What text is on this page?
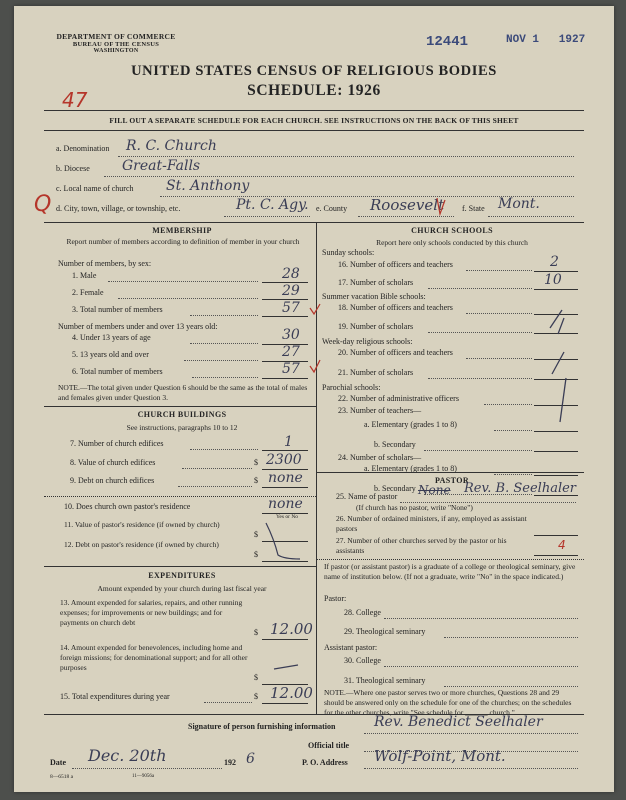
DEPARTMENT OF COMMERCE
BUREAU OF THE CENSUS
WASHINGTON
12441	NOV 1   1927
UNITED STATES CENSUS OF RELIGIOUS BODIES
SCHEDULE: 1926
47
FILL OUT A SEPARATE SCHEDULE FOR EACH CHURCH. SEE INSTRUCTIONS ON THE BACK OF THIS SHEET
a. Denomination R. C. Church
b. Diocese Great-Falls
c. Local name of church St. Anthony
Q d. City, town, village, or township, etc.	Pt. C. Agy. e. County Roosevelt f. State Mont.
MEMBERSHIP
Report number of members according to definition of member in your church
Number of members, by sex:
1. Male	28
2. Female	29
3. Total number of members	57
Number of members under and over 13 years old:
4. Under 13 years of age	30
5. 13 years old and over	27
6. Total number of members	57
NOTE.—The total given under Question 6 should be the same as the total of males and females given under Question 3.
CHURCH BUILDINGS
See instructions, paragraphs 10 to 12
7. Number of church edifices	1
8. Value of church edifices	$ 2300
9. Debt on church edifices	$ none
10. Does church own pastor's residence	none
Yes or No
11. Value of pastor's residence (if owned by church)
$
12. Debt on pastor's residence (if owned by church)
$
EXPENDITURES
Amount expended by your church during last fiscal year
13. Amount expended for salaries, repairs, and other running expenses; for improvements or new buildings; and for payments on church debt
$ 12.00
14. Amount expended for benevolences, including home and foreign missions; for denominational support; and for all other purposes
$
15. Total expenditures during year	$ 12.00
CHURCH SCHOOLS
Report here only schools conducted by this church
Sunday schools:
16. Number of officers and teachers	2
17. Number of scholars	10
Summer vacation Bible schools:
18. Number of officers and teachers
19. Number of scholars
Week-day religious schools:
20. Number of officers and teachers
21. Number of scholars
Parochial schools:
22. Number of administrative officers
23. Number of teachers—
a. Elementary (grades 1 to 8)
b. Secondary
24. Number of scholars—
a. Elementary (grades 1 to 8)
b. Secondary
PASTOR
25. Name of pastor None Rev. B. Seelhaler
(If church has no pastor, write "None")
26. Number of ordained ministers, if any, employed as assistant pastors
27. Number of other churches served by the pastor or his assistants	4
If pastor (or assistant pastor) is a graduate of a college or theological seminary, give name of institution below. (If not a graduate, write "No" in the space indicated.)
Pastor:
28. College
29. Theological seminary
Assistant pastor:
30. College
31. Theological seminary
NOTE.—Where one pastor serves two or more churches, Questions 28 and 29 should be answered only on the schedule for one of the churches; on the schedules for the other churches, write "See schedule for ______ church."
Signature of person furnishing information	Rev. Benedict Seelhaler
Official title
Date Dec. 20th	192 6	P. O. Address Wolf-Point, Mont.
8—6518 a	11—9056a
